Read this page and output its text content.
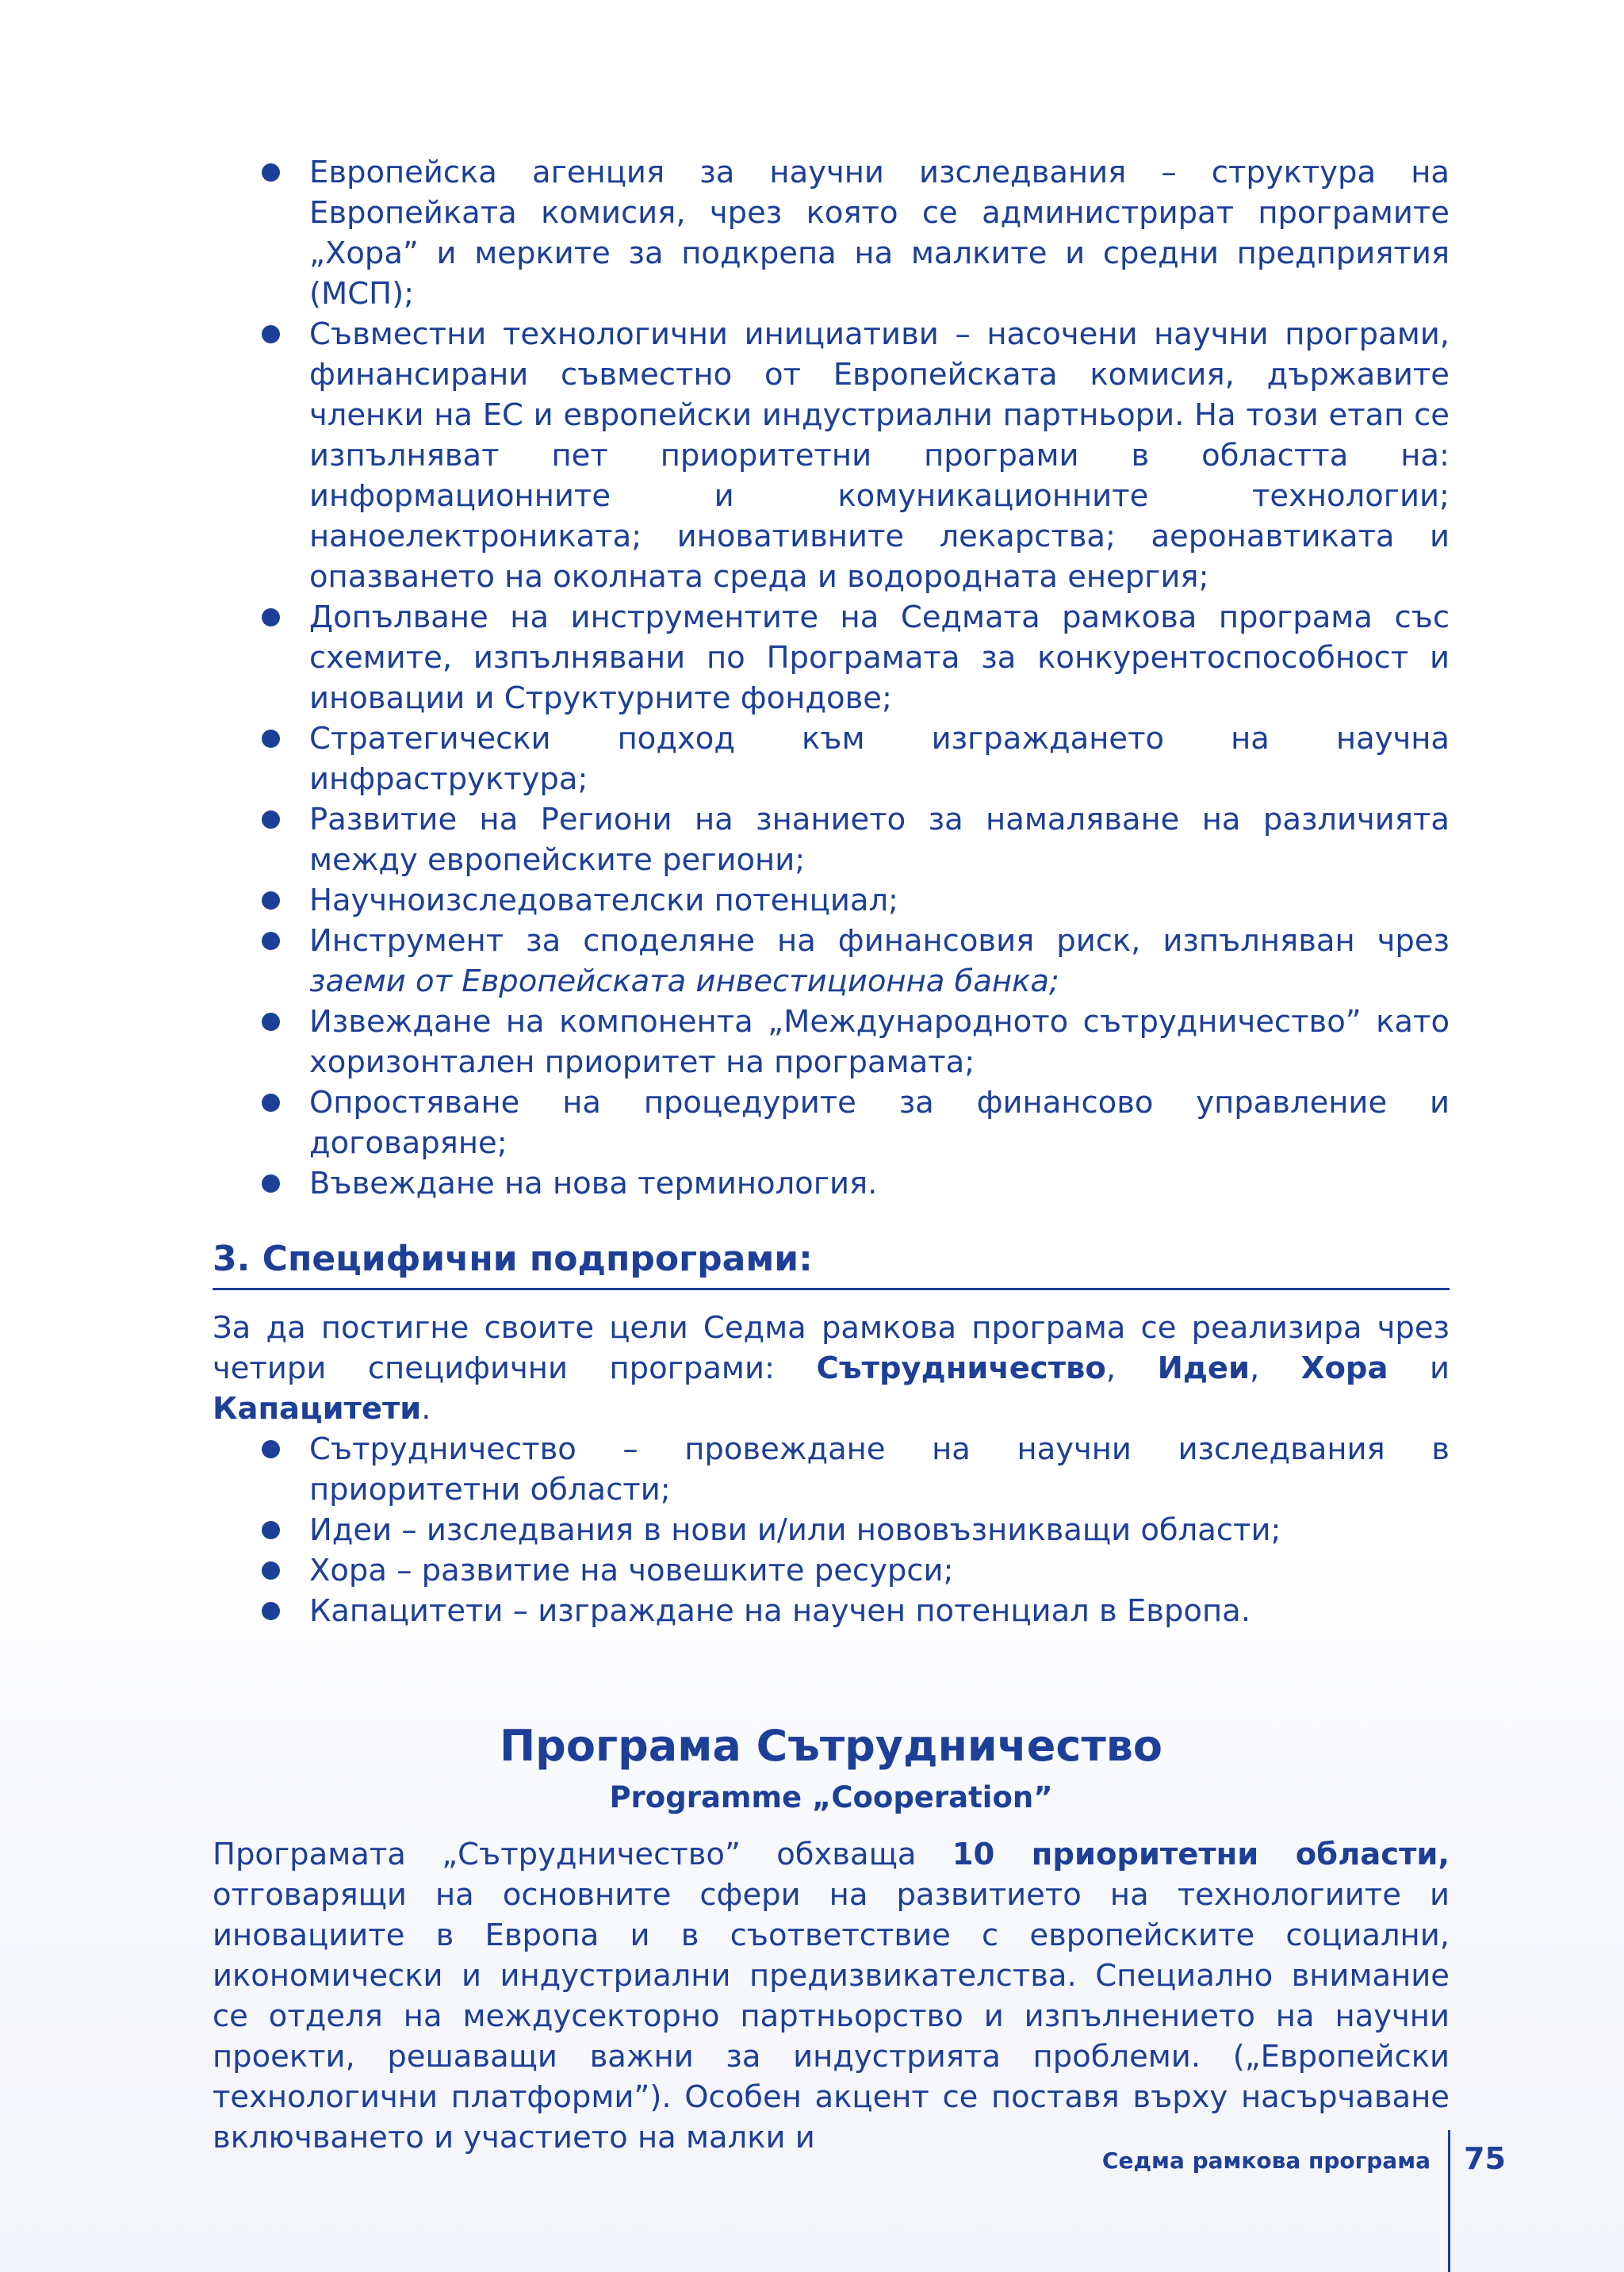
Европейска агенция за научни изследвания – структура на Европейката комисия, чрез която се администрират програмите „Хора” и мерките за подкрепа на малките и средни предприятия (МСП);
Съвместни технологични инициативи – насочени научни програми, финансирани съвместно от Европейската комисия, държавите членки на ЕС и европейски индустриални партньори. На този етап се изпълняват пет приоритетни програми в областта на: информационните и комуникационните технологии; наноелектрониката; иновативните лекарства; аеронавтиката и опазването на околната среда и водородната енергия;
Допълване на инструментите на Седмата рамкова програма със схемите, изпълнявани по Програмата за конкурентоспособност и иновации и Структурните фондове;
Стратегически подход към изграждането на научна инфраструктура;
Развитие на Региони на знанието за намаляване на различията между европейските региони;
Научноизследователски потенциал;
Инструмент за споделяне на финансовия риск, изпълняван чрез заеми от Европейската инвестиционна банка;
Извеждане на компонента „Международното сътрудничество” като хоризонтален приоритет на програмата;
Опростяване на процедурите за финансово управление и договаряне;
Въвеждане на нова терминология.
3. Специфични подпрограми:

За да постигне своите цели Седма рамкова програма се реализира чрез четири специфични програми: Сътрудничество, Идеи, Хора и Капацитети.

Сътрудничество – провеждане на научни изследвания в приоритетни области;
Идеи – изследвания в нови и/или нововъзникващи области;
Хора – развитие на човешките ресурси;
Капацитети – изграждане на научен потенциал в Европа.
Програма Сътрудничество
Programme „Cooperation”

Програмата „Сътрудничество” обхваща 10 приоритетни области, отговарящи на основните сфери на развитието на технологиите и иновациите в Европа и в съответствие с европейските социални, икономически и индустриални предизвикателства. Специално внимание се отделя на междусекторно партньорство и изпълнението на научни проекти, решаващи важни за индустрията проблеми. („Европейски технологични платформи”). Особен акцент се поставя върху насърчаване включването и участието на малки и

Седма рамкова програма 75
